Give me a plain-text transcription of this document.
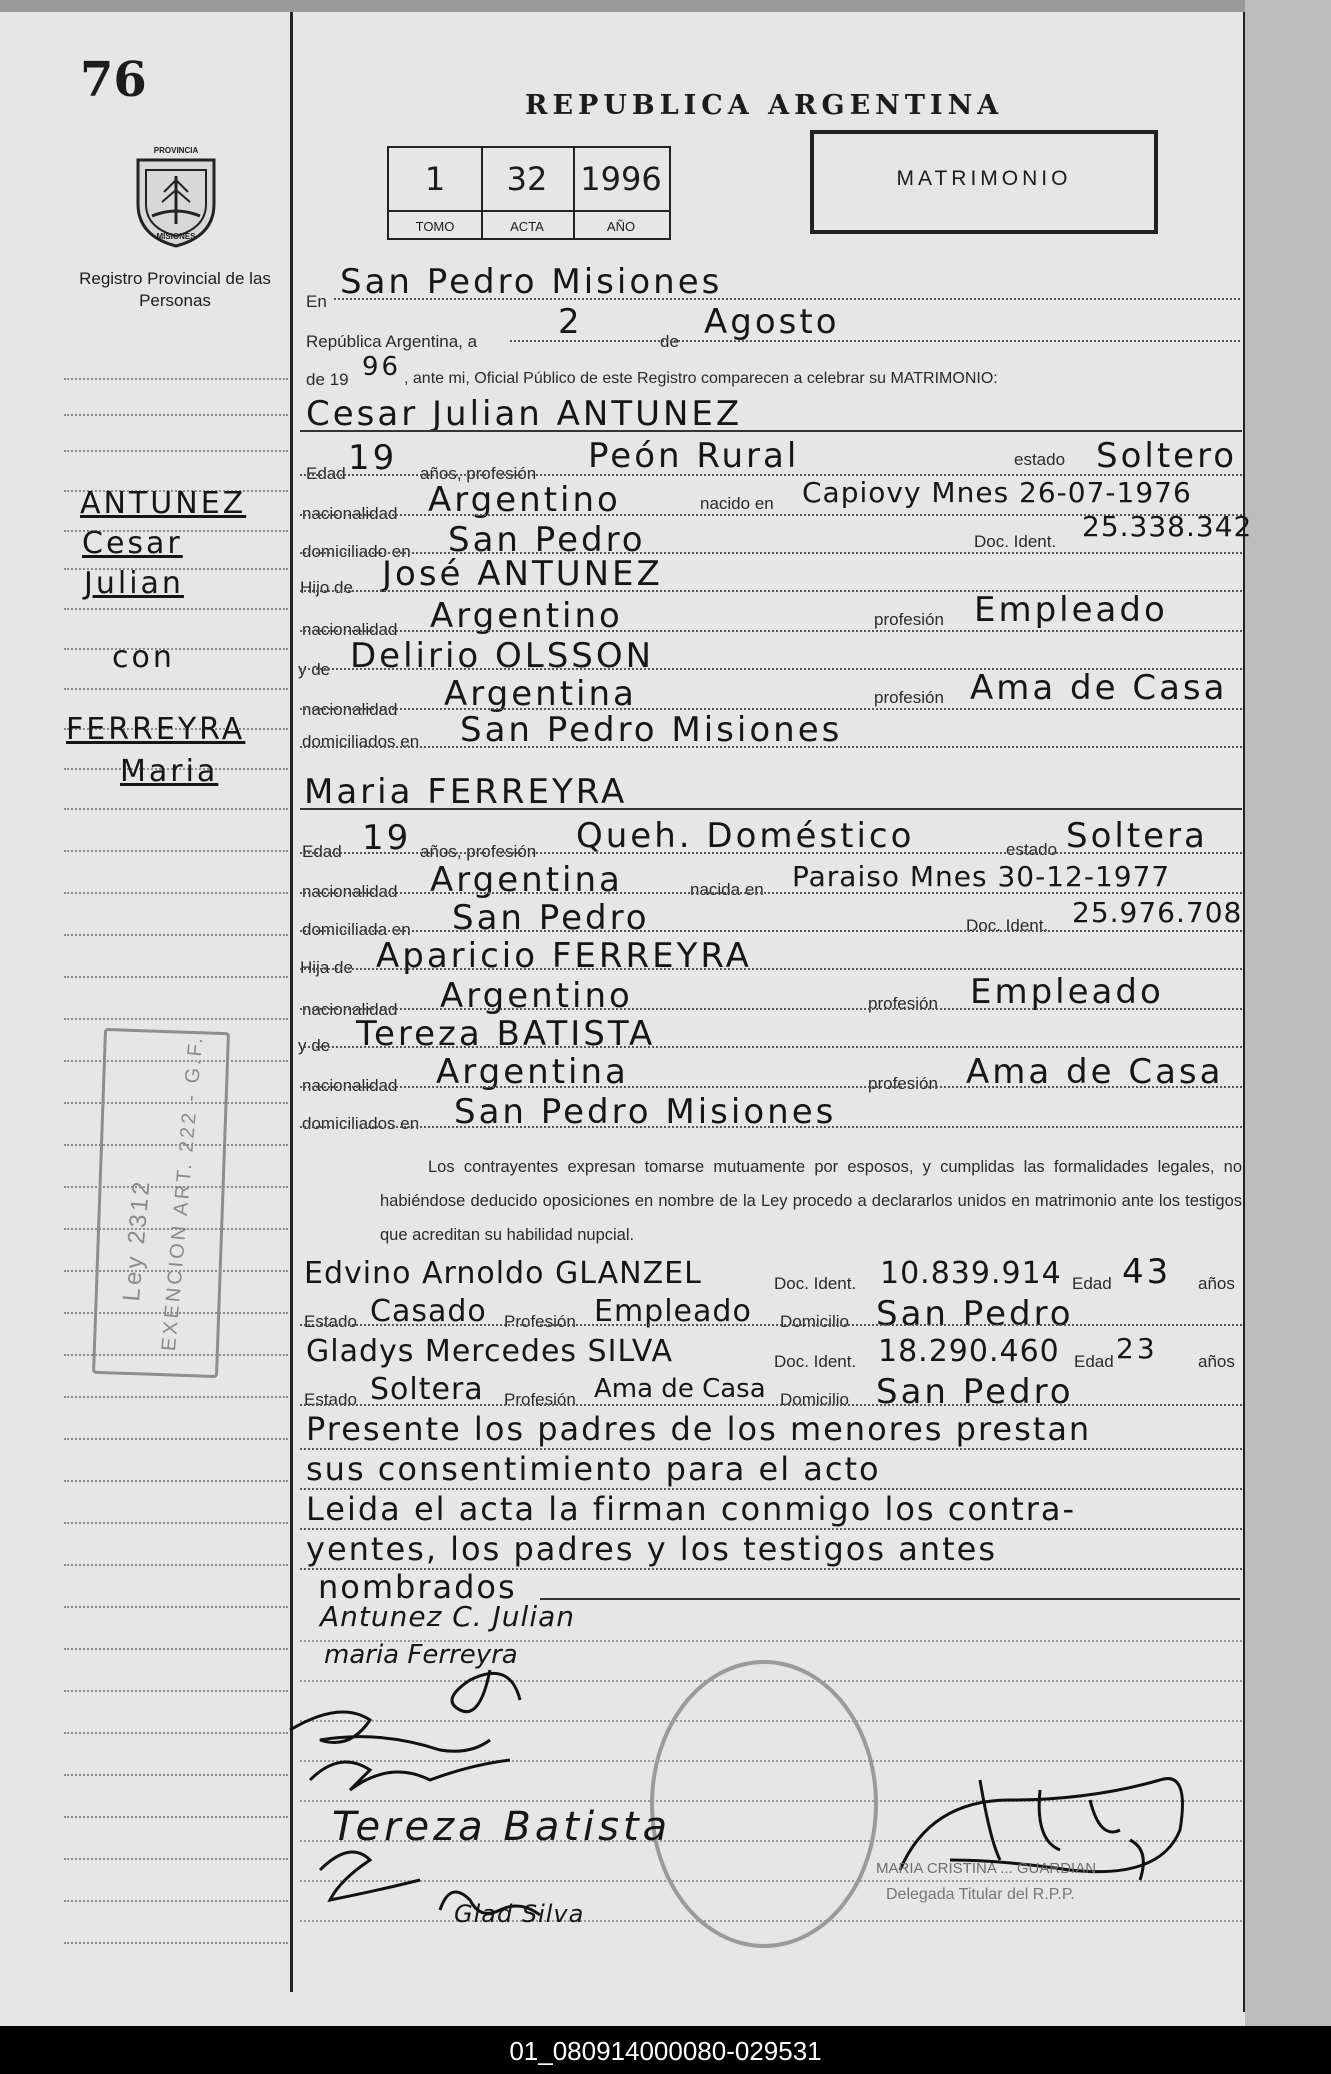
76
PROVINCIA
MISIONES
Registro Provincial de las Personas
REPUBLICA ARGENTINA
1
TOMO
32
ACTA
1996
AÑO
MATRIMONIO
ANTUNEZ
Cesar
Julian
con
FERREYRA
Maria
Ley 2312 EXENCION ART. 222 - G.F.
En San Pedro Misiones
República Argentina, a 2	de Agosto
de 19 96 , ante mi, Oficial Público de este Registro comparecen a celebrar su MATRIMONIO:
Cesar Julian ANTUNEZ
Edad 19 años, profesión Peón Rural	estado Soltero
nacionalidad Argentino	nacido en Capiovy Mnes 26-07-1976
domiciliado en San Pedro	Doc. Ident. 25.338.342
Hijo de José ANTUNEZ
nacionalidad Argentino	profesión Empleado
y de Delirio OLSSON
nacionalidad Argentina	profesión Ama de Casa
domiciliados en San Pedro Misiones
Maria FERREYRA
Edad 19 años, profesión Queh. Doméstico	estado Soltera
nacionalidad Argentina	nacida en Paraiso Mnes 30-12-1977
domiciliada en San Pedro	Doc. Ident. 25.976.708
Hija de Aparicio FERREYRA
nacionalidad Argentino	profesión Empleado
y de Tereza BATISTA
nacionalidad Argentina	profesión Ama de Casa
domiciliados en San Pedro Misiones
Los contrayentes expresan tomarse mutuamente por esposos, y cumplidas las formalidades legales, no habiéndose deducido oposiciones en nombre de la Ley procedo a declararlos unidos en matrimonio ante los testigos que acreditan su habilidad nupcial.
Edvino Arnoldo GLANZEL	Doc. Ident. 10.839.914 Edad 43 años
Estado Casado Profesión Empleado Domicilio San Pedro
Gladys Mercedes SILVA	Doc. Ident. 18.290.460 Edad 23 años
Estado Soltera Profesión Ama de Casa Domicilio San Pedro
Presente los padres de los menores prestan
sus consentimiento para el acto
Leida el acta la firman conmigo los contra-
yentes, los padres y los testigos antes
nombrados
Antunez C. Julian
maria Ferreyra
Tereza Batista
Glad Silva
MARIA CRISTINA ... GUARDIAN
Delegada Titular del R.P.P.
01_080914000080-029531
